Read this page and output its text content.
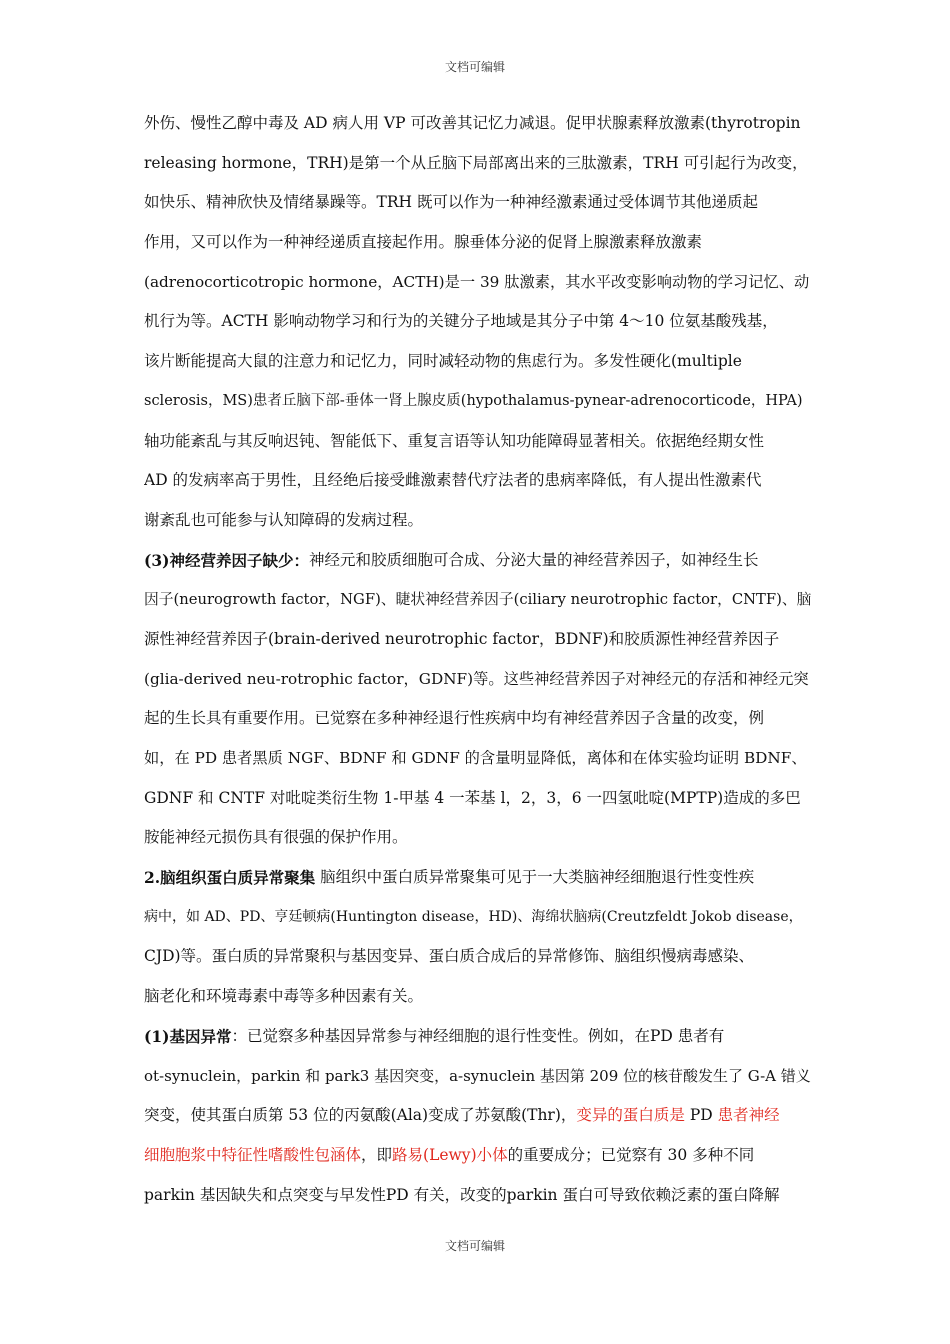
文档可编辑
外伤、慢性乙醇中毒及 AD 病人用 VP 可改善其记忆力减退。促甲状腺素释放激素(thyrotropin
releasing hormone，TRH)是第一个从丘脑下局部离出来的三肽激素，TRH 可引起行为改变，
如快乐、精神欣快及情绪暴躁等。TRH 既可以作为一种神经激素通过受体调节其他递质起
作用，又可以作为一种神经递质直接起作用。腺垂体分泌的促肾上腺激素释放激素
(adrenocorticotropic hormone，ACTH)是一 39 肽激素，其水平改变影响动物的学习记忆、动
机行为等。ACTH 影响动物学习和行为的关键分子地域是其分子中第 4～10 位氨基酸残基，
该片断能提高大鼠的注意力和记忆力，同时减轻动物的焦虑行为。多发性硬化(multiple
sclerosis，MS)患者丘脑下部-垂体一肾上腺皮质(hypothalamus-pynear-adrenocorticode，HPA)
轴功能紊乱与其反响迟钝、智能低下、重复言语等认知功能障碍显著相关。依据绝经期女性
AD 的发病率高于男性，且经绝后接受雌激素替代疗法者的患病率降低，有人提出性激素代
谢紊乱也可能参与认知障碍的发病过程。
(3)神经营养因子缺少： 神经元和胶质细胞可合成、分泌大量的神经营养因子，如神经生长
因子(neurogrowth factor，NGF)、睫状神经营养因子(ciliary neurotrophic factor，CNTF)、脑
源性神经营养因子(brain-derived neurotrophic factor，BDNF)和胶质源性神经营养因子
(glia-derived neu-rotrophic factor，GDNF)等。这些神经营养因子对神经元的存活和神经元突
起的生长具有重要作用。已觉察在多种神经退行性疾病中均有神经营养因子含量的改变，例
如，在 PD 患者黑质 NGF、BDNF 和 GDNF 的含量明显降低，离体和在体实验均证明 BDNF、
GDNF 和 CNTF 对吡啶类衍生物 1-甲基 4 一苯基 l，2，3，6 一四氢吡啶(MPTP)造成的多巴
胺能神经元损伤具有很强的保护作用。
2.脑组织蛋白质异常聚集 脑组织中蛋白质异常聚集可见于一大类脑神经细胞退行性变性疾
病中，如 AD、PD、亨廷顿病(Huntington disease，HD)、海绵状脑病(Creutzfeldt Jokob disease，
CJD)等。蛋白质的异常聚积与基因变异、蛋白质合成后的异常修饰、脑组织慢病毒感染、
脑老化和环境毒素中毒等多种因素有关。
(1)基因异常 ：已觉察多种基因异常参与神经细胞的退行性变性。例如，在PD 患者有
ot-synuclein，parkin 和 park3 基因突变，a-synuclein 基因第 209 位的核苷酸发生了 G-A 错义
突变，使其蛋白质第 53 位的丙氨酸(Ala)变成了苏氨酸(Thr)， 变异的蛋白质是 PD 患者神经
细胞胞浆中特征性嗜酸性包涵体 ，即 路易(Lewy)小体 的重要成分；已觉察有 30 多种不同
parkin 基因缺失和点突变与早发性PD 有关，改变的parkin 蛋白可导致依赖泛素的蛋白降解
文档可编辑
